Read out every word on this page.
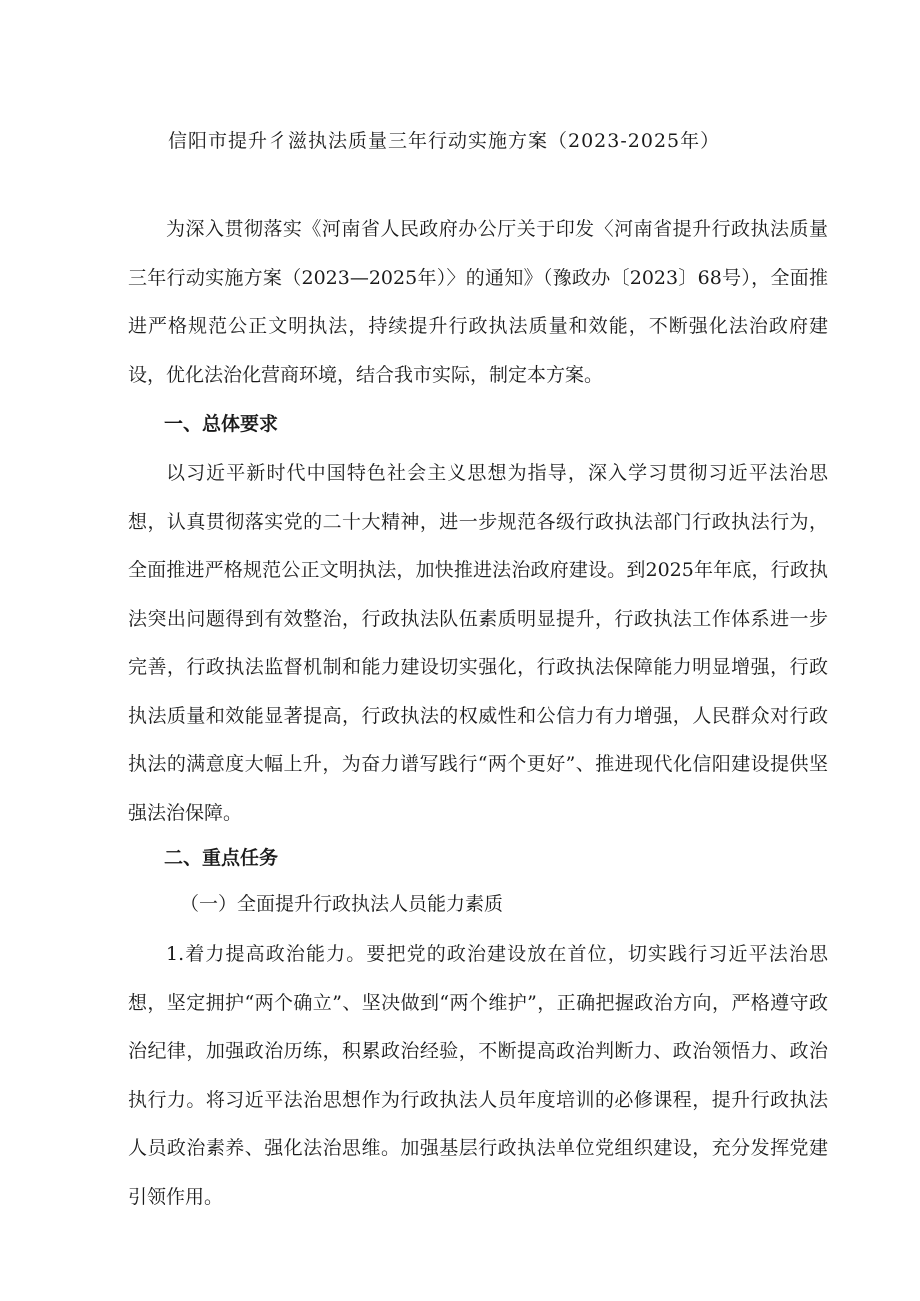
信阳市提升彳滋执法质量三年行动实施方案（2023-2025年）

为深入贯彻落实《河南省人民政府办公厅关于印发〈河南省提升行政执法质量三年行动实施方案（2023—2025年）〉的通知》（豫政办〔2023〕68号），全面推进严格规范公正文明执法，持续提升行政执法质量和效能，不断强化法治政府建设，优化法治化营商环境，结合我市实际，制定本方案。

一、总体要求

以习近平新时代中国特色社会主义思想为指导，深入学习贯彻习近平法治思想，认真贯彻落实党的二十大精神，进一步规范各级行政执法部门行政执法行为，全面推进严格规范公正文明执法，加快推进法治政府建设。到2025年年底，行政执法突出问题得到有效整治，行政执法队伍素质明显提升，行政执法工作体系进一步完善，行政执法监督机制和能力建设切实强化，行政执法保障能力明显增强，行政执法质量和效能显著提高，行政执法的权威性和公信力有力增强，人民群众对行政执法的满意度大幅上升，为奋力谱写践行“两个更好”、推进现代化信阳建设提供坚强法治保障。

二、重点任务
（一）全面提升行政执法人员能力素质

1.着力提高政治能力。要把党的政治建设放在首位，切实践行习近平法治思想，坚定拥护“两个确立”、坚决做到“两个维护”，正确把握政治方向，严格遵守政治纪律，加强政治历练，积累政治经验，不断提高政治判断力、政治领悟力、政治执行力。将习近平法治思想作为行政执法人员年度培训的必修课程，提升行政执法人员政治素养、强化法治思维。加强基层行政执法单位党组织建设，充分发挥党建引领作用。
